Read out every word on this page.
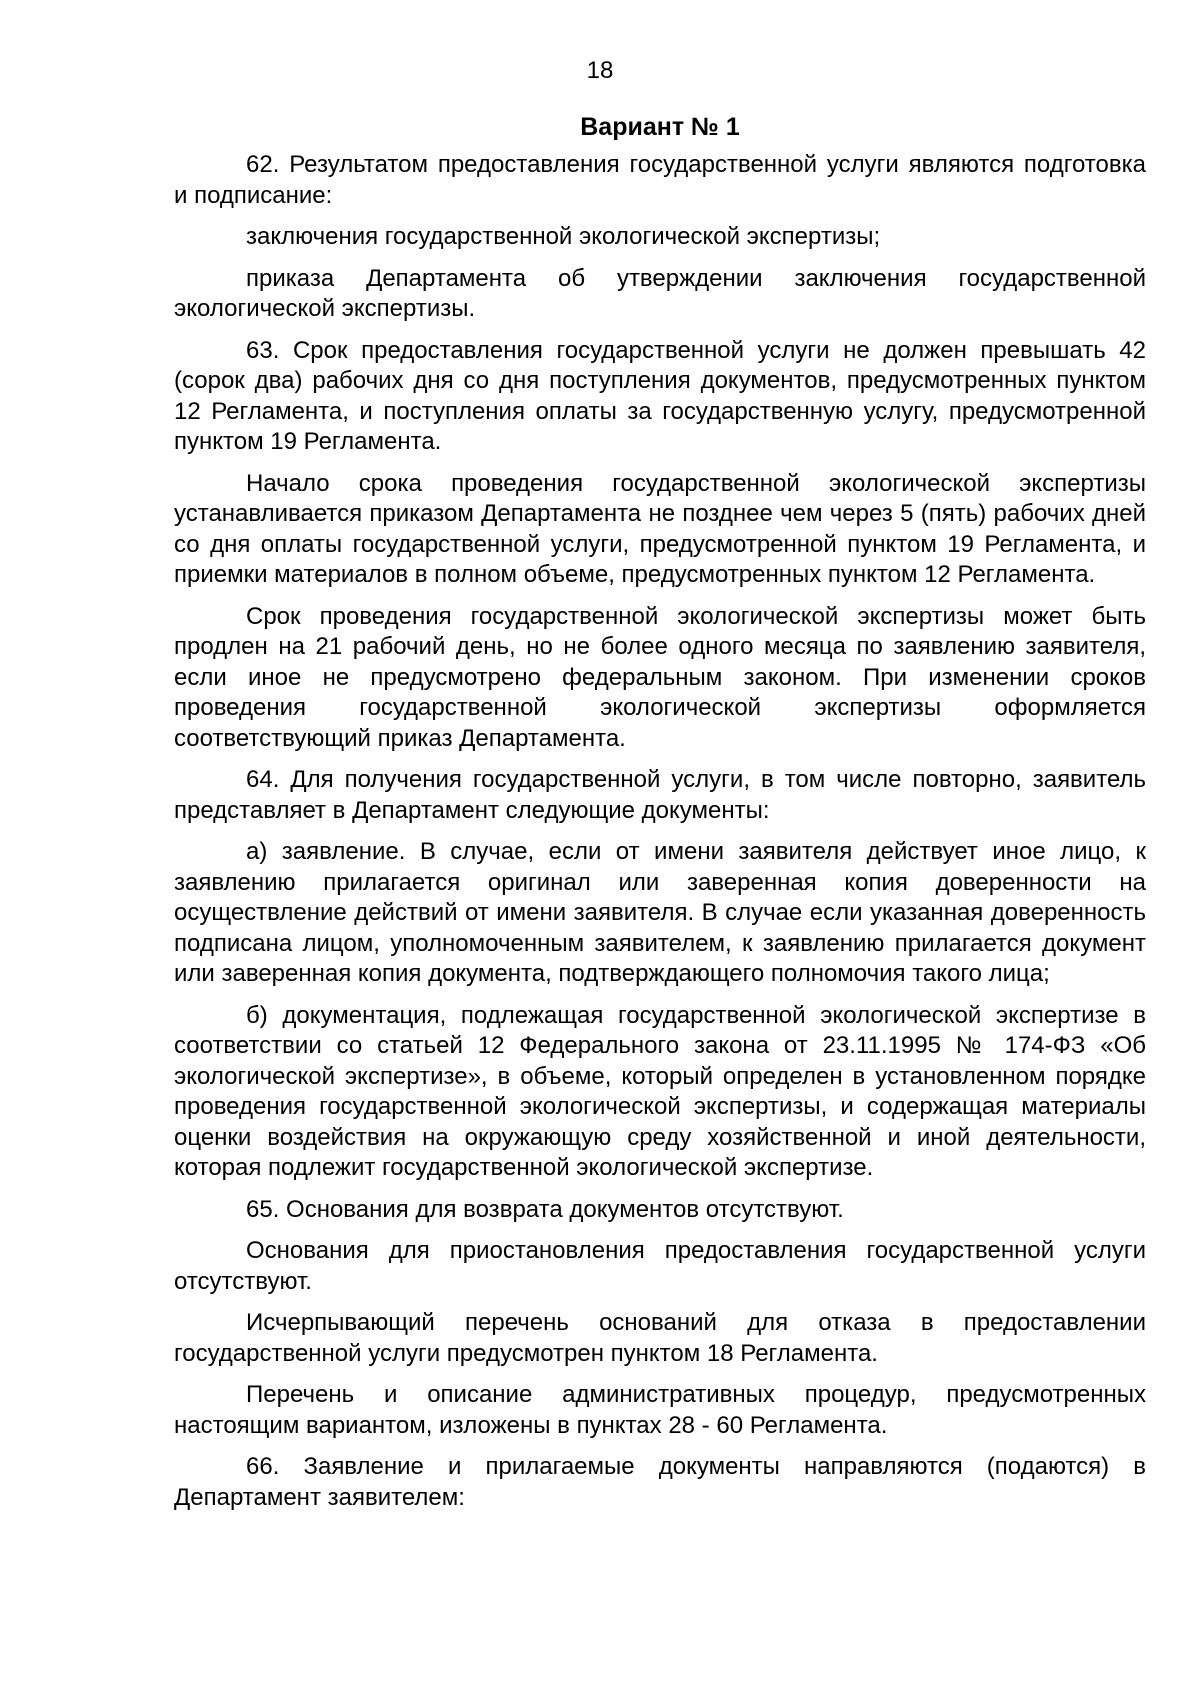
18
Вариант № 1

62. Результатом предоставления государственной услуги являются подготовка и подписание:

заключения государственной экологической экспертизы;

приказа Департамента об утверждении заключения государственной экологической экспертизы.

63. Срок предоставления государственной услуги не должен превышать 42 (сорок два) рабочих дня со дня поступления документов, предусмотренных пунктом 12 Регламента, и поступления оплаты за государственную услугу, предусмотренной пунктом 19 Регламента.

Начало срока проведения государственной экологической экспертизы устанавливается приказом Департамента не позднее чем через 5 (пять) рабочих дней со дня оплаты государственной услуги, предусмотренной пунктом 19 Регламента, и приемки материалов в полном объеме, предусмотренных пунктом 12 Регламента.

Срок проведения государственной экологической экспертизы может быть продлен на 21 рабочий день, но не более одного месяца по заявлению заявителя, если иное не предусмотрено федеральным законом. При изменении сроков проведения государственной экологической экспертизы оформляется соответствующий приказ Департамента.

64. Для получения государственной услуги, в том числе повторно, заявитель представляет в Департамент следующие документы:

а) заявление. В случае, если от имени заявителя действует иное лицо, к заявлению прилагается оригинал или заверенная копия доверенности на осуществление действий от имени заявителя. В случае если указанная доверенность подписана лицом, уполномоченным заявителем, к заявлению прилагается документ или заверенная копия документа, подтверждающего полномочия такого лица;

б) документация, подлежащая государственной экологической экспертизе в соответствии со статьей 12 Федерального закона от 23.11.1995 № 174-ФЗ «Об экологической экспертизе», в объеме, который определен в установленном порядке проведения государственной экологической экспертизы, и содержащая материалы оценки воздействия на окружающую среду хозяйственной и иной деятельности, которая подлежит государственной экологической экспертизе.

65. Основания для возврата документов отсутствуют.

Основания для приостановления предоставления государственной услуги отсутствуют.

Исчерпывающий перечень оснований для отказа в предоставлении государственной услуги предусмотрен пунктом 18 Регламента.

Перечень и описание административных процедур, предусмотренных настоящим вариантом, изложены в пунктах 28 - 60 Регламента.

66. Заявление и прилагаемые документы направляются (подаются) в Департамент заявителем:
